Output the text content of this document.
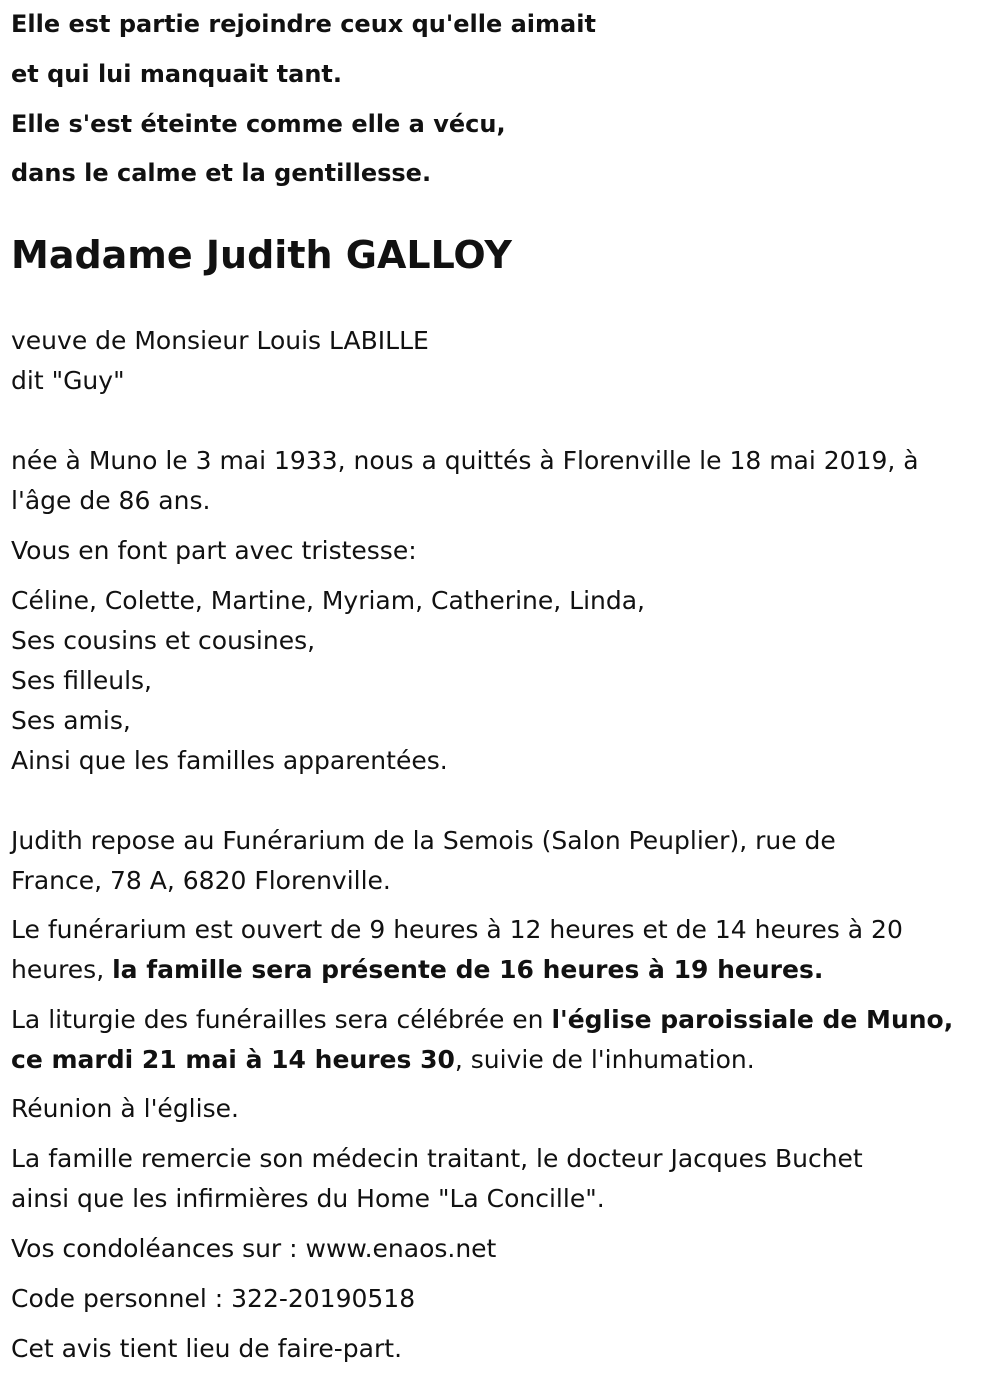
Elle est partie rejoindre ceux qu'elle aimait
et qui lui manquait tant.
Elle s'est éteinte comme elle a vécu,
dans le calme et la gentillesse.
Madame Judith GALLOY
veuve de Monsieur Louis LABILLE
dit "Guy"
née à Muno le 3 mai 1933, nous a quittés à Florenville le 18 mai 2019, à
l'âge de 86 ans.
Vous en font part avec tristesse:
Céline, Colette, Martine, Myriam, Catherine, Linda,
Ses cousins et cousines,
Ses filleuls,
Ses amis,
Ainsi que les familles apparentées.
Judith repose au Funérarium de la Semois (Salon Peuplier), rue de
France, 78 A, 6820 Florenville.
Le funérarium est ouvert de 9 heures à 12 heures et de 14 heures à 20
heures, la famille sera présente de 16 heures à 19 heures.
La liturgie des funérailles sera célébrée en l'église paroissiale de Muno,
ce mardi 21 mai à 14 heures 30, suivie de l'inhumation.
Réunion à l'église.
La famille remercie son médecin traitant, le docteur Jacques Buchet
ainsi que les infirmières du Home "La Concille".
Vos condoléances sur : www.enaos.net
Code personnel : 322-20190518
Cet avis tient lieu de faire-part.
